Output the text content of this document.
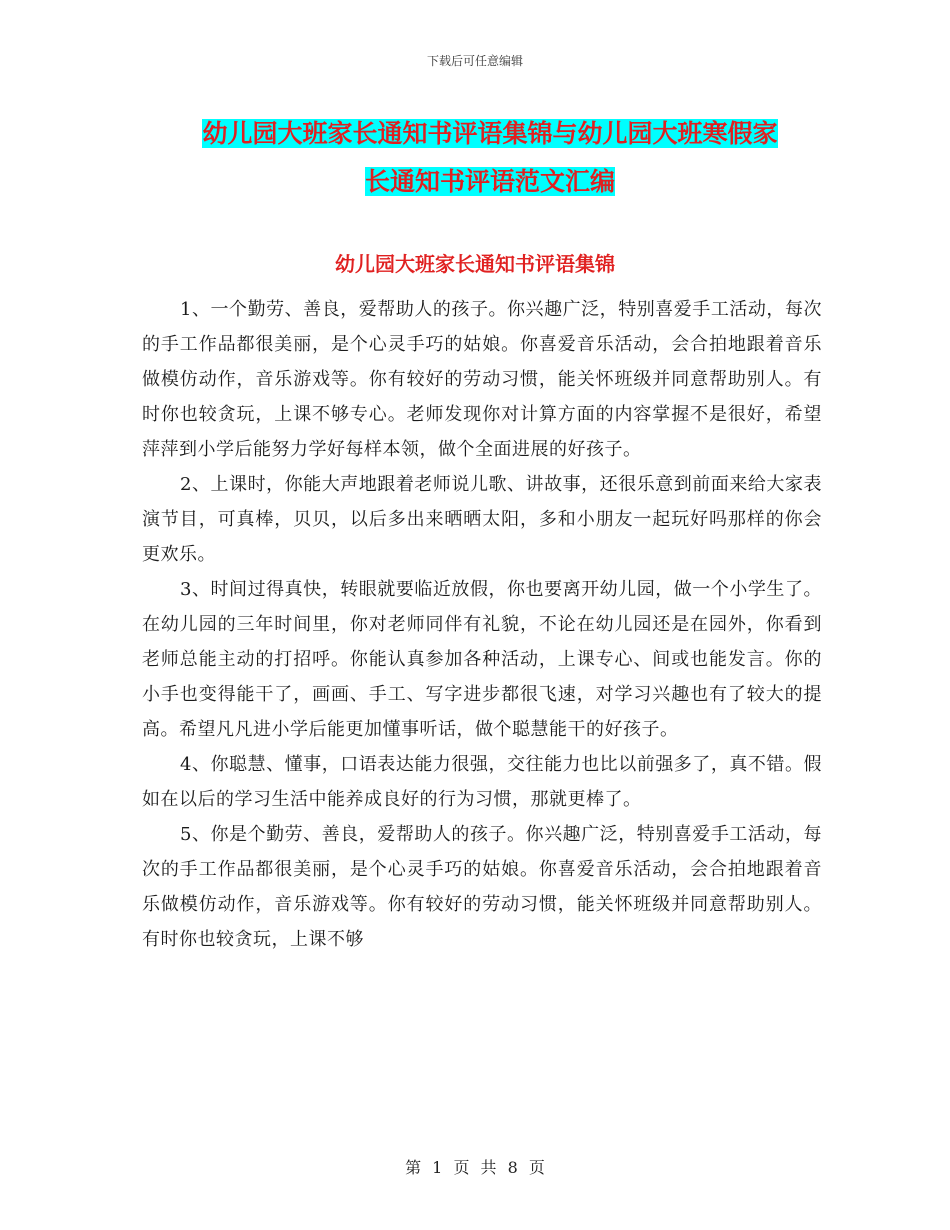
下载后可任意编辑
幼儿园大班家长通知书评语集锦与幼儿园大班寒假家
长通知书评语范文汇编
幼儿园大班家长通知书评语集锦

1、一个勤劳、善良，爱帮助人的孩子。你兴趣广泛，特别喜爱手工活动，每次的手工作品都很美丽，是个心灵手巧的姑娘。你喜爱音乐活动，会合拍地跟着音乐做模仿动作，音乐游戏等。你有较好的劳动习惯，能关怀班级并同意帮助别人。有时你也较贪玩，上课不够专心。老师发现你对计算方面的内容掌握不是很好，希望萍萍到小学后能努力学好每样本领，做个全面进展的好孩子。

2、上课时，你能大声地跟着老师说儿歌、讲故事，还很乐意到前面来给大家表演节目，可真棒，贝贝，以后多出来晒晒太阳，多和小朋友一起玩好吗那样的你会更欢乐。

3、时间过得真快，转眼就要临近放假，你也要离开幼儿园，做一个小学生了。在幼儿园的三年时间里，你对老师同伴有礼貌，不论在幼儿园还是在园外，你看到老师总能主动的打招呼。你能认真参加各种活动，上课专心、间或也能发言。你的小手也变得能干了，画画、手工、写字进步都很飞速，对学习兴趣也有了较大的提高。希望凡凡进小学后能更加懂事听话，做个聪慧能干的好孩子。

4、你聪慧、懂事，口语表达能力很强，交往能力也比以前强多了，真不错。假如在以后的学习生活中能养成良好的行为习惯，那就更棒了。

5、你是个勤劳、善良，爱帮助人的孩子。你兴趣广泛，特别喜爱手工活动，每次的手工作品都很美丽，是个心灵手巧的姑娘。你喜爱音乐活动，会合拍地跟着音乐做模仿动作，音乐游戏等。你有较好的劳动习惯，能关怀班级并同意帮助别人。有时你也较贪玩，上课不够

第 1 页 共 8 页
